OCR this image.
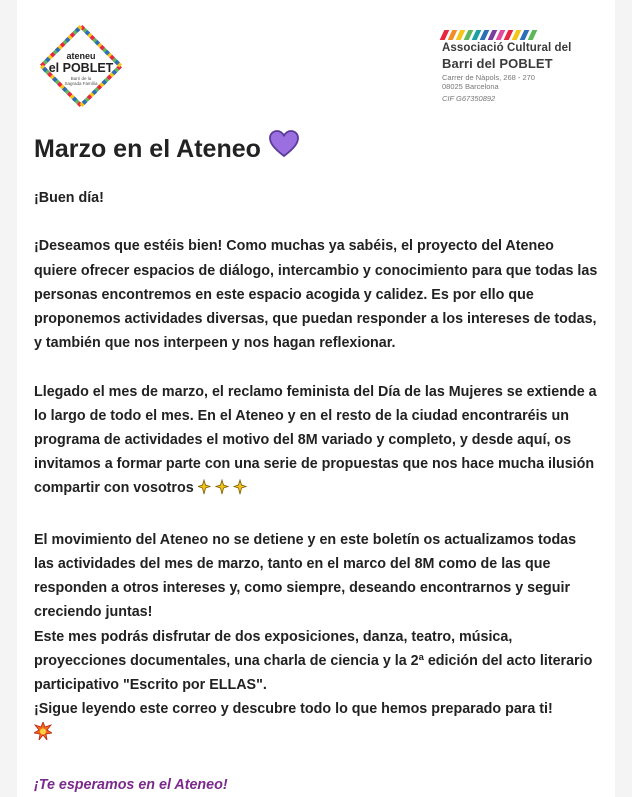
ateneu
el POBLET
Barri de la
Sagrada Família
Associació Cultural del
Barri del POBLET
Carrer de Nàpols, 268 - 270
08025 Barcelona
CIF G67350892
Marzo en el Ateneo

¡Buen día!

¡Deseamos que estéis bien! Como muchas ya sabéis, el proyecto del Ateneo quiere ofrecer espacios de diálogo, intercambio y conocimiento para que todas las personas encontremos en este espacio acogida y calidez. Es por ello que proponemos actividades diversas, que puedan responder a los intereses de todas, y también que nos interpeen y nos hagan reflexionar.

Llegado el mes de marzo, el reclamo feminista del Día de las Mujeres se extiende a lo largo de todo el mes. En el Ateneo y en el resto de la ciudad encontraréis un programa de actividades el motivo del 8M variado y completo, y desde aquí, os invitamos a formar parte con una serie de propuestas que nos hace mucha ilusión compartir con vosotros

El movimiento del Ateneo no se detiene y en este boletín os actualizamos todas las actividades del mes de marzo, tanto en el marco del 8M como de las que responden a otros intereses y, como siempre, deseando encontrarnos y seguir creciendo juntas!

Este mes podrás disfrutar de dos exposiciones, danza, teatro, música, proyecciones documentales, una charla de ciencia y la 2ª edición del acto literario participativo "Escrito por ELLAS".

¡Sigue leyendo este correo y descubre todo lo que hemos preparado para ti!

¡Te esperamos en el Ateneo!
